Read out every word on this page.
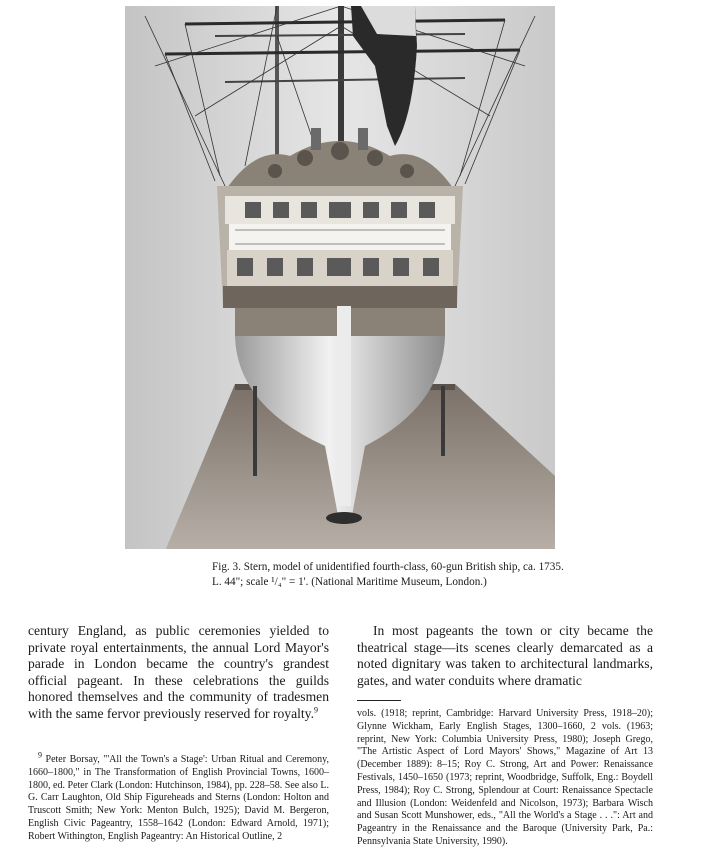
Fig. 3. Stern, model of unidentified fourth-class, 60-gun British ship, ca. 1735.
L. 44"; scale ¹/₄" = 1'. (National Maritime Museum, London.)
century England, as public ceremonies yielded to private royal entertainments, the annual Lord Mayor's parade in London became the country's grandest official pageant. In these celebrations the guilds honored themselves and the community of tradesmen with the same fervor previously reserved for royalty.$^9$
In most pageants the town or city became the theatrical stage—its scenes clearly demarcated as a noted dignitary was taken to architectural landmarks, gates, and water conduits where dramatic
$^9$ Peter Borsay, "'All the Town's a Stage': Urban Ritual and Ceremony, 1660–1800," in The Transformation of English Provincial Towns, 1600–1800, ed. Peter Clark (London: Hutchinson, 1984), pp. 228–58. See also L. G. Carr Laughton, Old Ship Figureheads and Sterns (London: Holton and Truscott Smith; New York: Menton Bulch, 1925); David M. Bergeron, English Civic Pageantry, 1558–1642 (London: Edward Arnold, 1971); Robert Withington, English Pageantry: An Historical Outline, 2
vols. (1918; reprint, Cambridge: Harvard University Press, 1918–20); Glynne Wickham, Early English Stages, 1300–1660, 2 vols. (1963; reprint, New York: Columbia University Press, 1980); Joseph Grego, "The Artistic Aspect of Lord Mayors' Shows," Magazine of Art 13 (December 1889): 8–15; Roy C. Strong, Art and Power: Renaissance Festivals, 1450–1650 (1973; reprint, Woodbridge, Suffolk, Eng.: Boydell Press, 1984); Roy C. Strong, Splendour at Court: Renaissance Spectacle and Illusion (London: Weidenfeld and Nicolson, 1973); Barbara Wisch and Susan Scott Munshower, eds., "All the World's a Stage . . .": Art and Pageantry in the Renaissance and the Baroque (University Park, Pa.: Pennsylvania State University, 1990).
